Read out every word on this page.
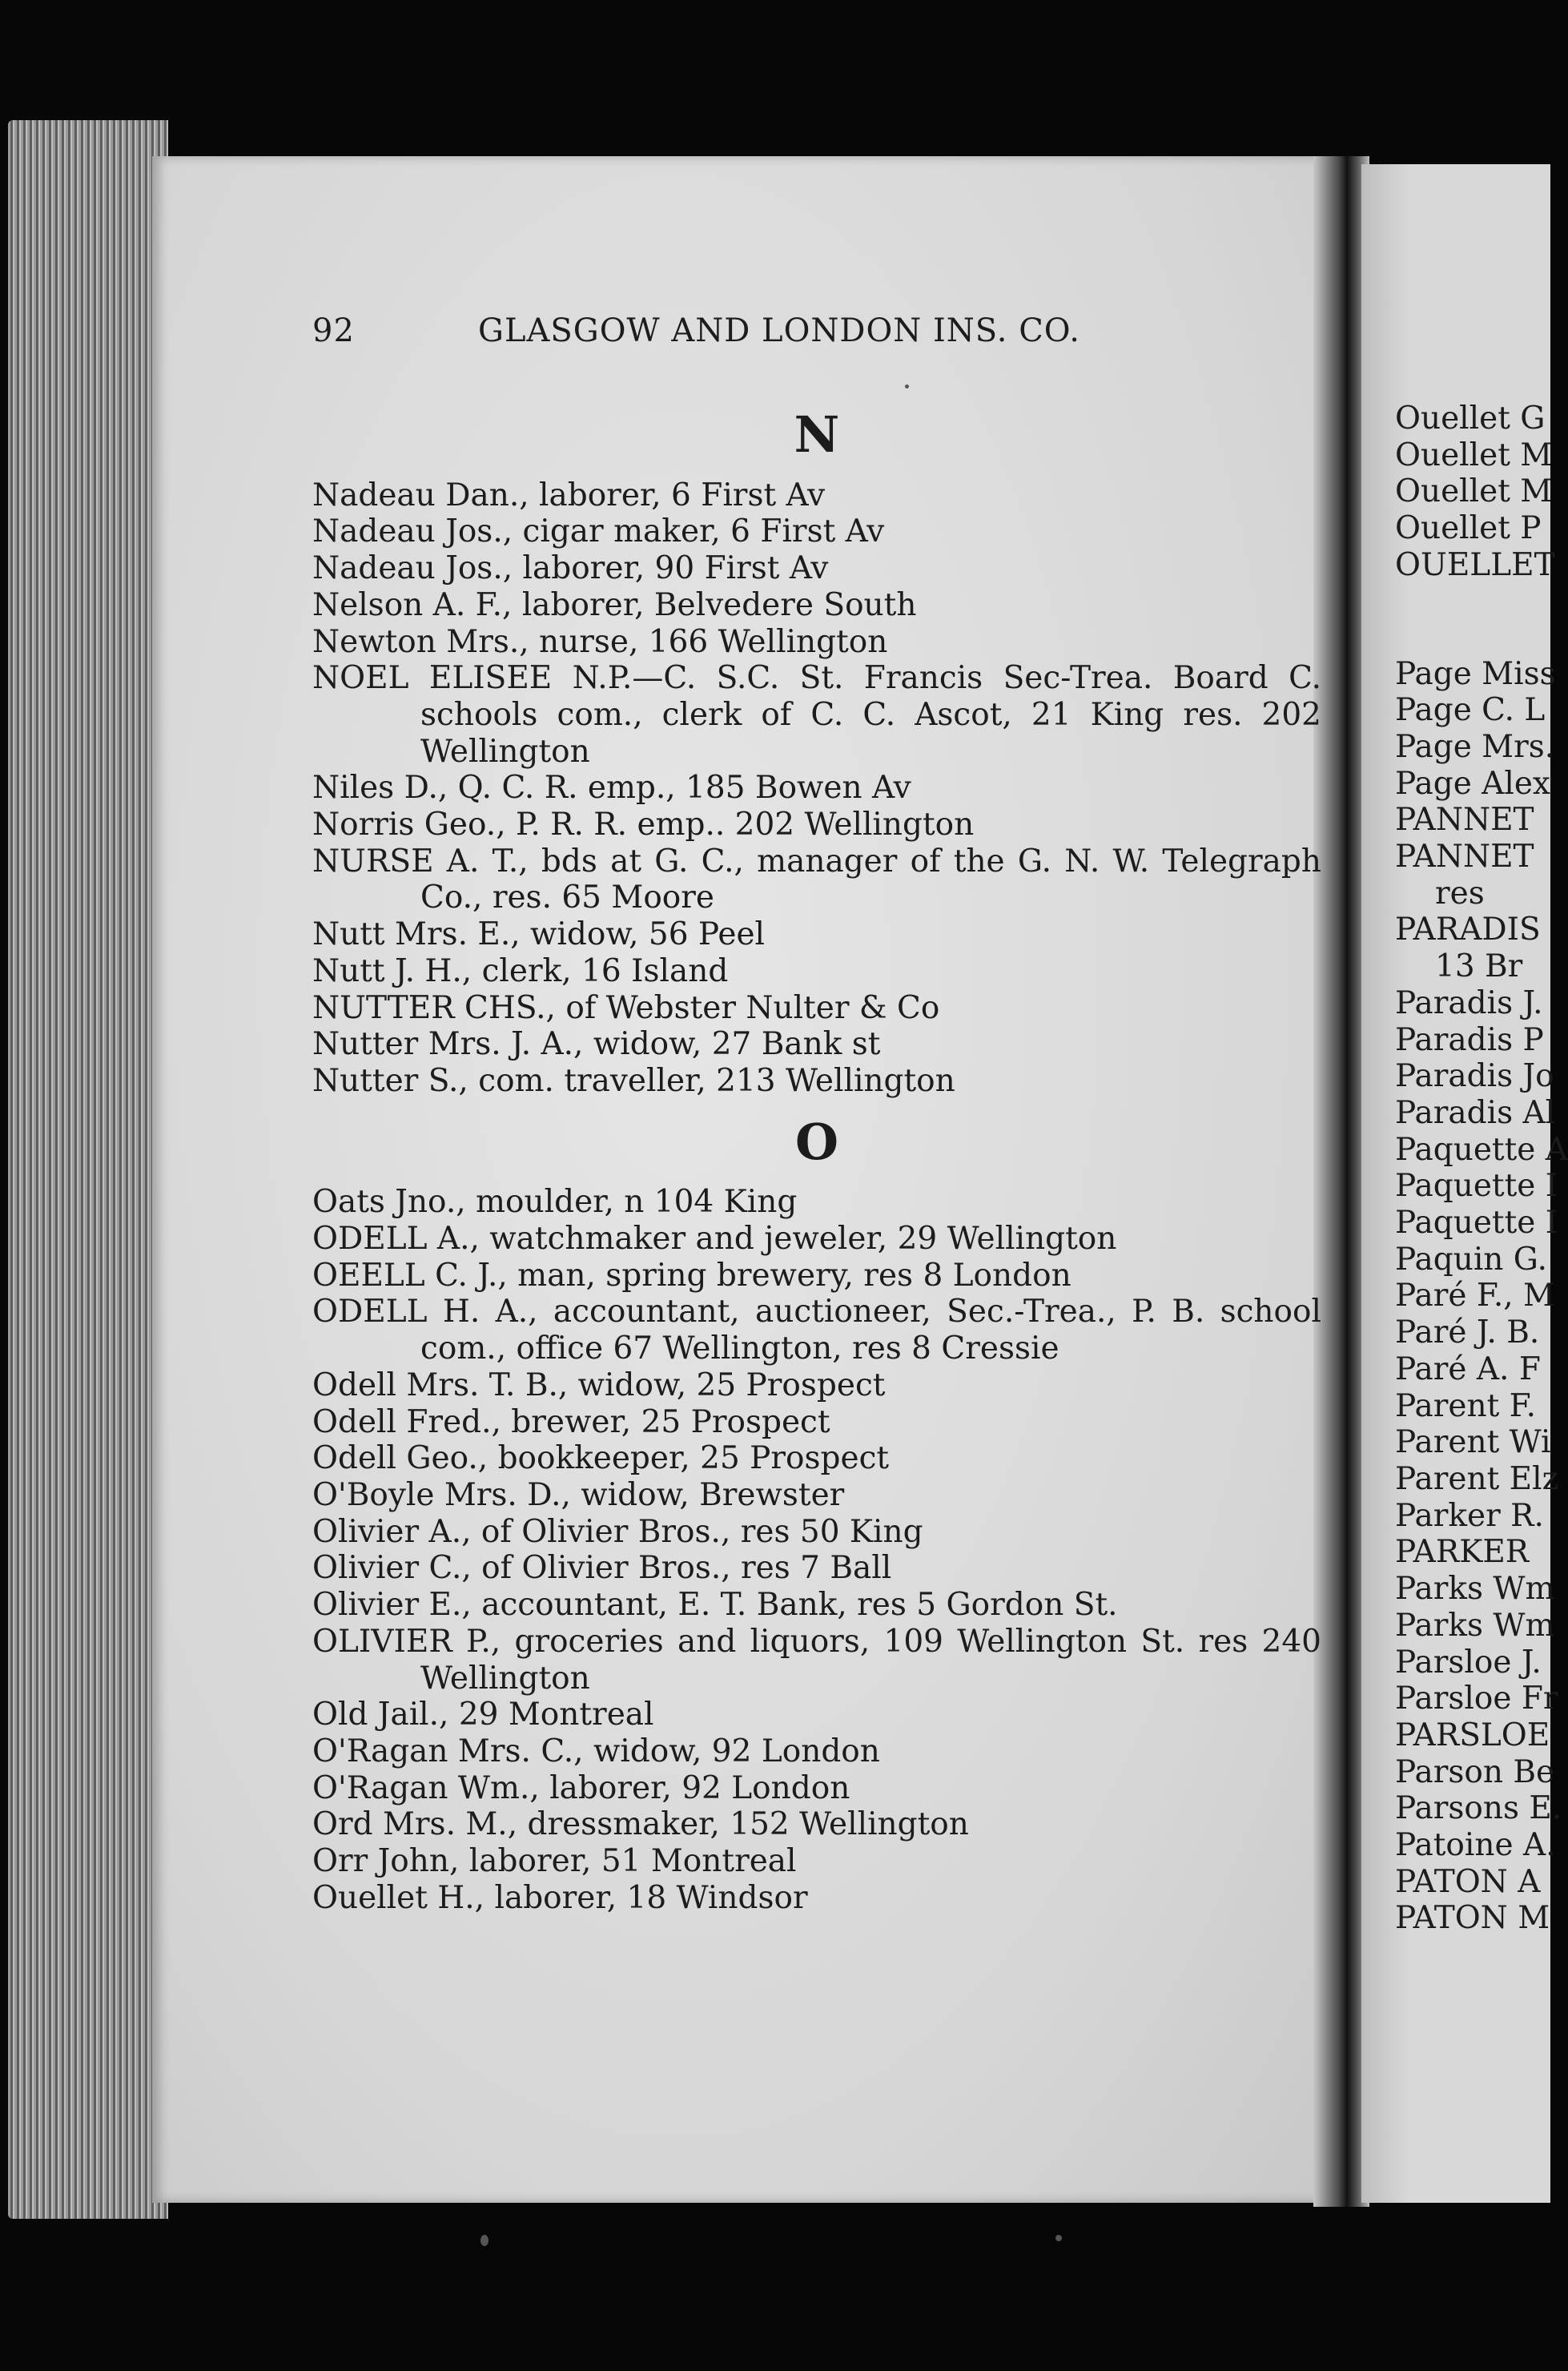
92	GLASGOW AND LONDON INS. CO.
N
Nadeau Dan., laborer, 6 First Av
Nadeau Jos., cigar maker, 6 First Av
Nadeau Jos., laborer, 90 First Av
Nelson A. F., laborer, Belvedere South
Newton Mrs., nurse, 166 Wellington
NOEL ELISEE N.P.—C. S.C. St. Francis Sec-Trea. Board C. schools com., clerk of C. C. Ascot, 21 King res. 202 Wellington
Niles D., Q. C. R. emp., 185 Bowen Av
Norris Geo., P. R. R. emp.. 202 Wellington
NURSE A. T., bds at G. C., manager of the G. N. W. Telegraph Co., res. 65 Moore
Nutt Mrs. E., widow, 56 Peel
Nutt J. H., clerk, 16 Island
NUTTER CHS., of Webster Nulter & Co
Nutter Mrs. J. A., widow, 27 Bank st
Nutter S., com. traveller, 213 Wellington
O
Oats Jno., moulder, n 104 King
ODELL A., watchmaker and jeweler, 29 Wellington
OEELL C. J., man, spring brewery, res 8 London
ODELL H. A., accountant, auctioneer, Sec.-Trea., P. B. school com., office 67 Wellington, res 8 Cressie
Odell Mrs. T. B., widow, 25 Prospect
Odell Fred., brewer, 25 Prospect
Odell Geo., bookkeeper, 25 Prospect
O'Boyle Mrs. D., widow, Brewster
Olivier A., of Olivier Bros., res 50 King
Olivier C., of Olivier Bros., res 7 Ball
Olivier E., accountant, E. T. Bank, res 5 Gordon St.
OLIVIER P., groceries and liquors, 109 Wellington St. res 240 Wellington
Old Jail., 29 Montreal
O'Ragan Mrs. C., widow, 92 London
O'Ragan Wm., laborer, 92 London
Ord Mrs. M., dressmaker, 152 Wellington
Orr John, laborer, 51 Montreal
Ouellet H., laborer, 18 Windsor
Ouellet G
Ouellet M
Ouellet M
Ouellet P
OUELLET
Page Miss
Page C. L
Page Mrs.
Page Alex
PANNET
PANNET
res
PARADIS
13 Br
Paradis J.
Paradis P
Paradis Jo
Paradis Al
Paquette A
Paquette I
Paquette I
Paquin G.
Paré F., M
Paré J. B.
Paré A. F
Parent F.
Parent Wi
Parent Elz
Parker R.
PARKER
Parks Wm
Parks Wm
Parsloe J.
Parsloe Fr
PARSLOE
Parson Be
Parsons E.
Patoine A.
PATON A
PATON M
